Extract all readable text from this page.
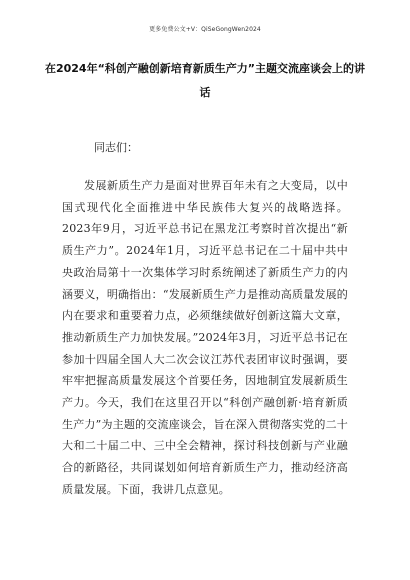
更多免费公文+V：QiSeGongWen2024
在2024年“科创产融创新培育新质生产力”主题交流座谈会上的讲话
同志们：

发展新质生产力是面对世界百年未有之大变局，以中国式现代化全面推进中华民族伟大复兴的战略选择。2023年9月，习近平总书记在黑龙江考察时首次提出“新质生产力”。2024年1月，习近平总书记在二十届中共中央政治局第十一次集体学习时系统阐述了新质生产力的内涵要义，明确指出：“发展新质生产力是推动高质量发展的内在要求和重要着力点，必须继续做好创新这篇大文章，推动新质生产力加快发展。”2024年3月，习近平总书记在参加十四届全国人大二次会议江苏代表团审议时强调，要牢牢把握高质量发展这个首要任务，因地制宜发展新质生产力。今天，我们在这里召开以“科创产融创新·培育新质生产力”为主题的交流座谈会，旨在深入贯彻落实党的二十大和二十届二中、三中全会精神，探讨科技创新与产业融合的新路径，共同谋划如何培育新质生产力，推动经济高质量发展。下面，我讲几点意见。
